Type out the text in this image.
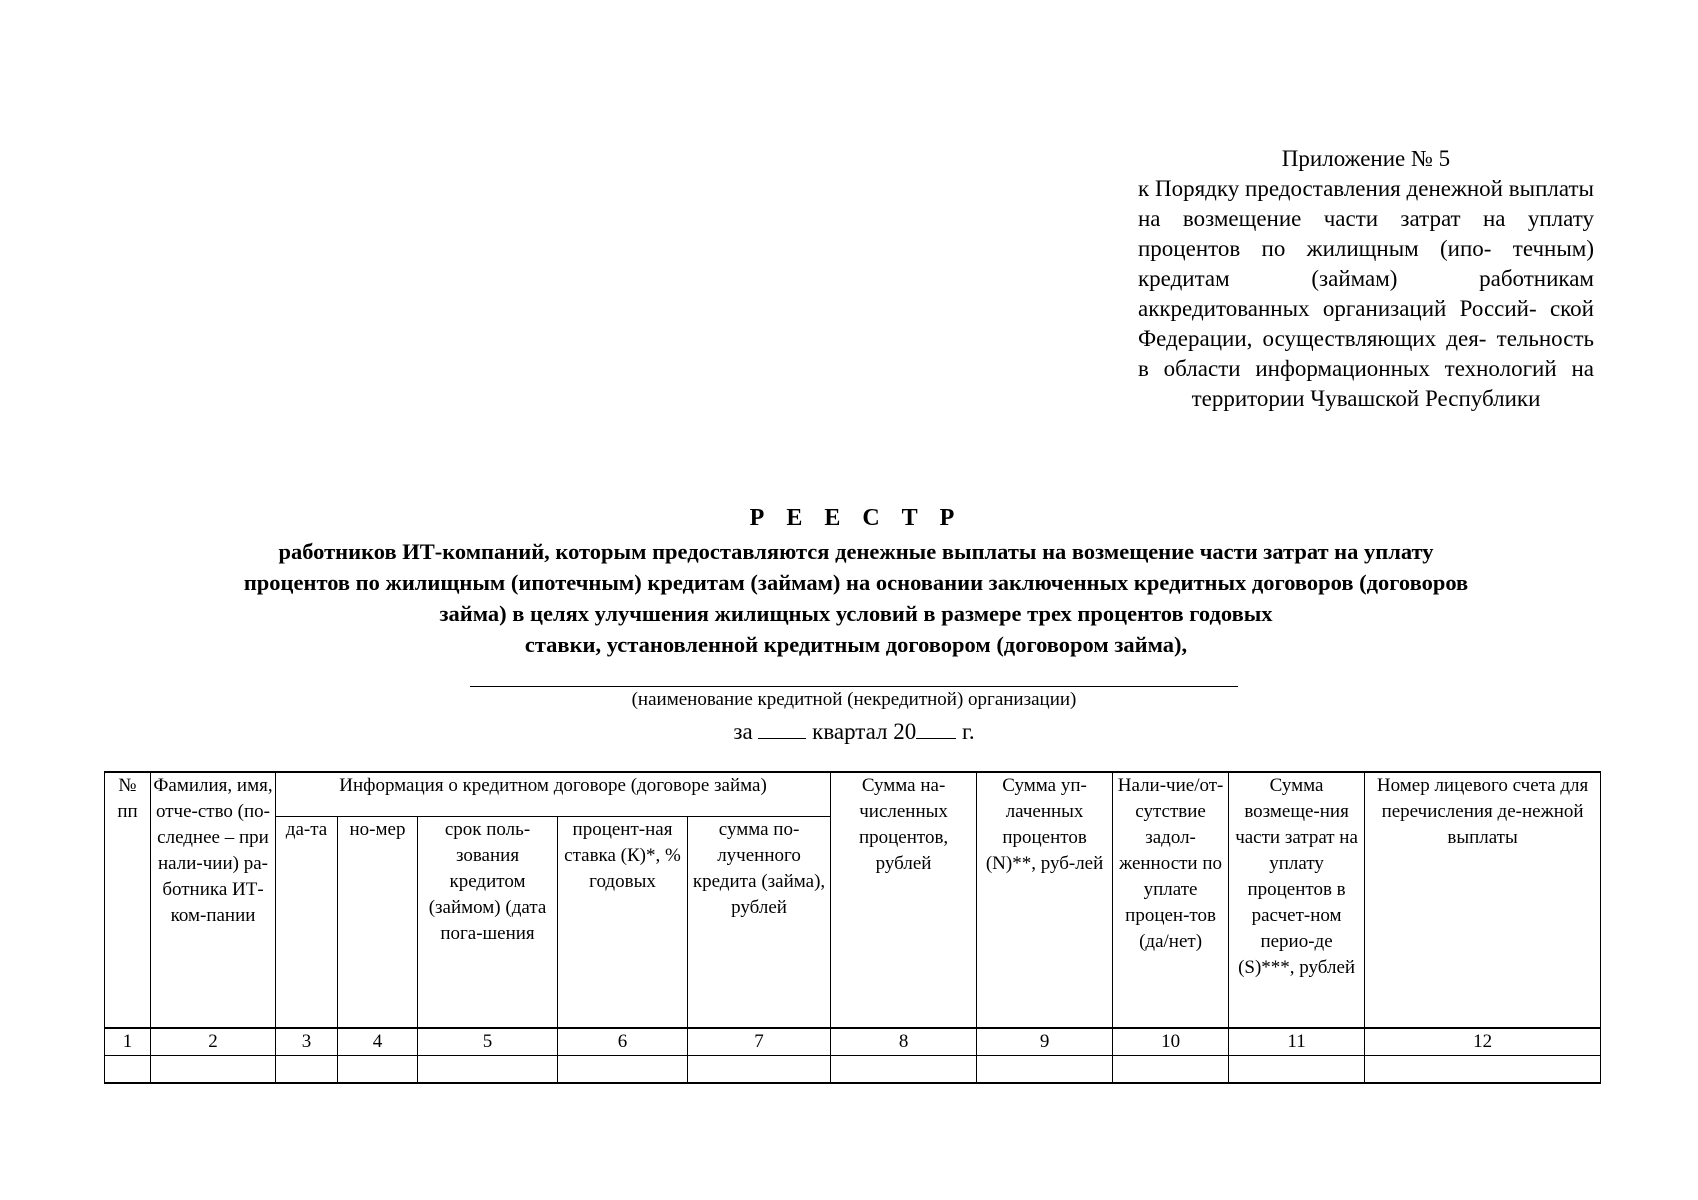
Приложение № 5
к Порядку предоставления денежной выплаты на возмещение части затрат на уплату процентов по жилищным (ипо- течным) кредитам (займам) работникам аккредитованных организаций Россий- ской Федерации, осуществляющих дея- тельность в области информационных технологий на территории Чувашской Республики
Р Е Е С Т Р
работников ИТ-компаний, которым предоставляются денежные выплаты на возмещение части затрат на уплату
процентов по жилищным (ипотечным) кредитам (займам) на основании заключенных кредитных договоров (договоров
займа) в целях улучшения жилищных условий в размере трех процентов годовых
ставки, установленной кредитным договором (договором займа),
(наименование кредитной (некредитной) организации)
за	квартал 20 г.
№ пп	Фамилия, имя, отче-ство (по-следнее – при нали-чии) ра-ботника ИТ-ком-пании	Информация о кредитном договоре (договоре займа)					Сумма на-численных процентов, рублей	Сумма уп-лаченных процентов (N)**, руб-лей	Нали-чие/от-сутствие задол-женности по уплате процен-тов (да/нет)	Сумма возмеще-ния части затрат на уплату процентов в расчет-ном перио-де (S)***, рублей	Номер лицевого счета для перечисления де-нежной выплаты
		да-та	но-мер	срок поль-зования кредитом (займом) (дата пога-шения	процент-ная ставка (К)*, % годовых	сумма по-лученного кредита (займа), рублей					
1	2	3	4	5	6	7	8	9	10	11	12
